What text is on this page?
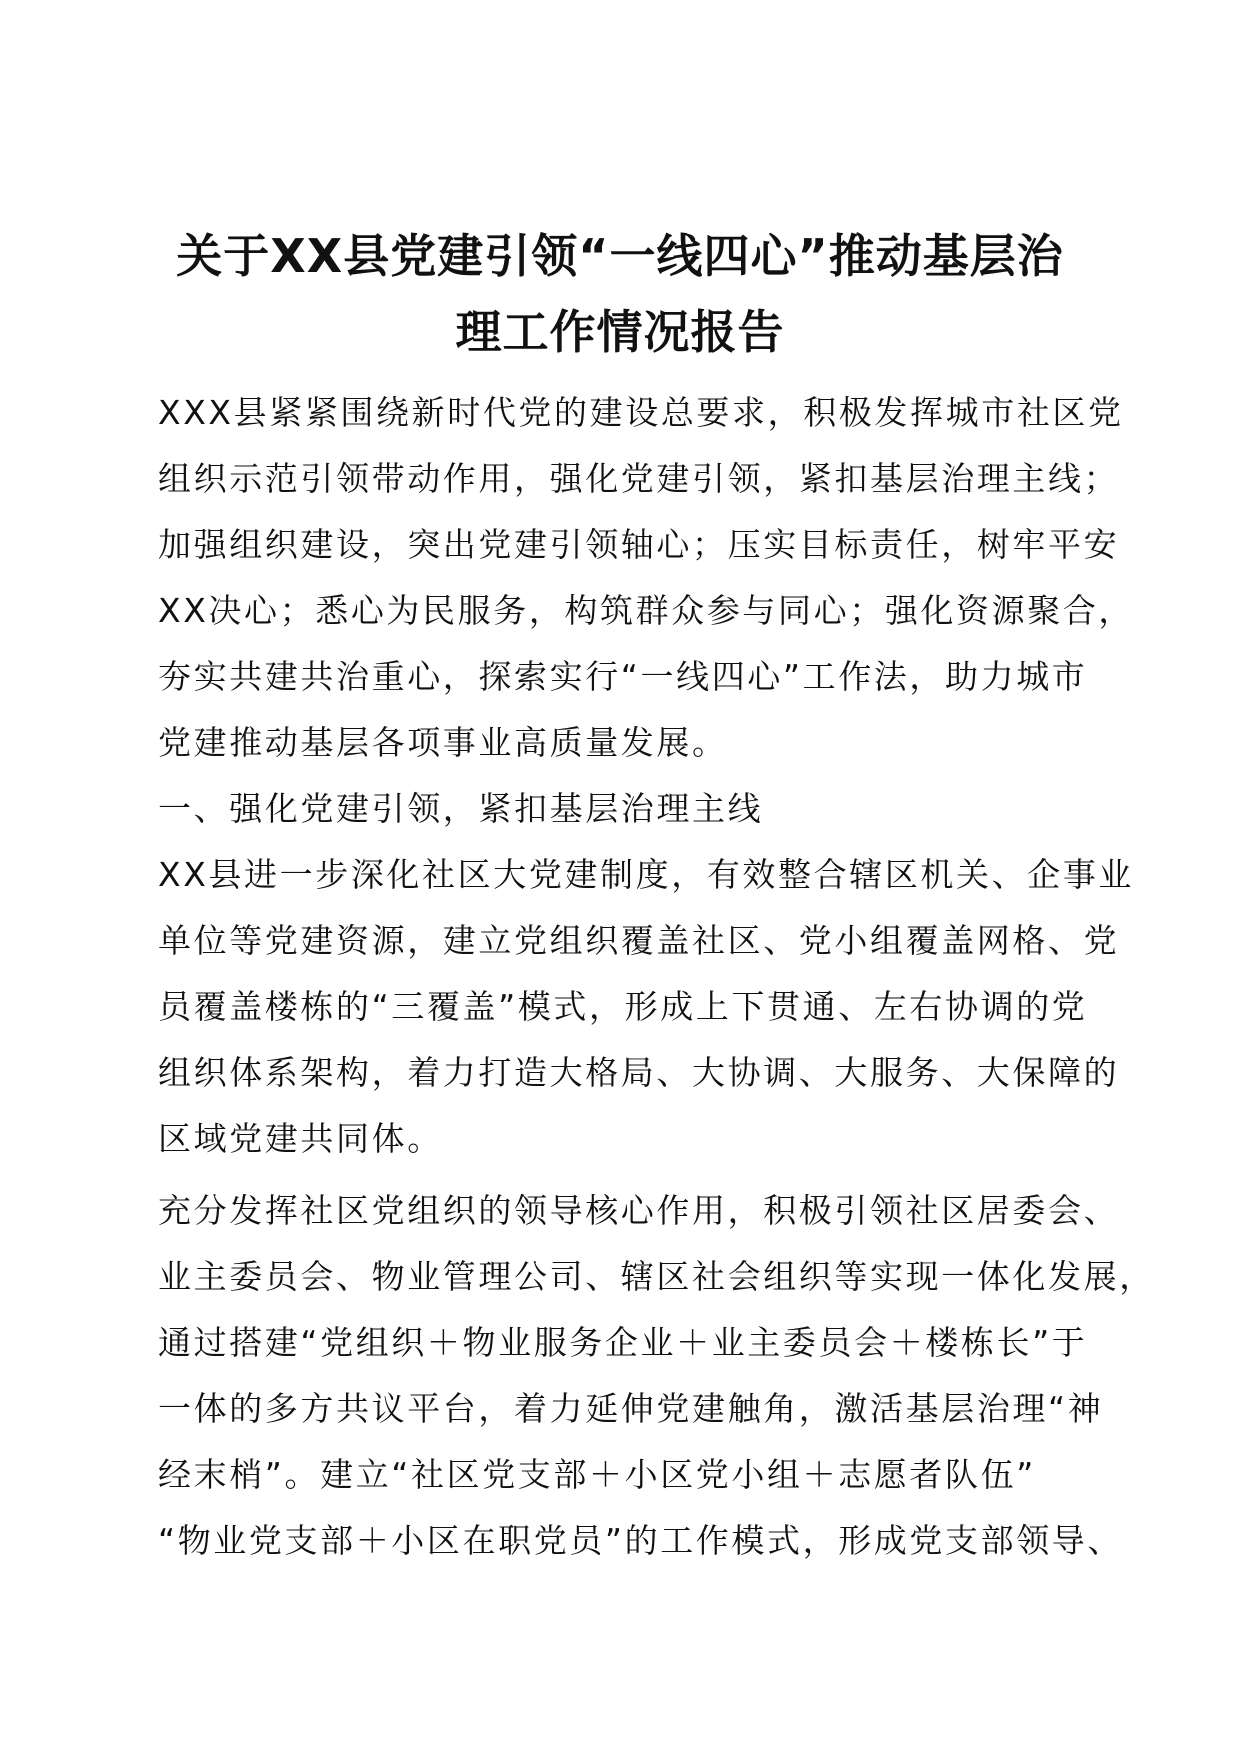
关于XX县党建引领“一线四心”推动基层治
理工作情况报告
XXX县紧紧围绕新时代党的建设总要求，积极发挥城市社区党
组织示范引领带动作用，强化党建引领，紧扣基层治理主线；
加强组织建设，突出党建引领轴心；压实目标责任，树牢平安
XX决心；悉心为民服务，构筑群众参与同心；强化资源聚合，
夯实共建共治重心，探索实行“一线四心”工作法，助力城市
党建推动基层各项事业高质量发展。
一、强化党建引领，紧扣基层治理主线
XX县进一步深化社区大党建制度，有效整合辖区机关、企事业
单位等党建资源，建立党组织覆盖社区、党小组覆盖网格、党
员覆盖楼栋的“三覆盖”模式，形成上下贯通、左右协调的党
组织体系架构，着力打造大格局、大协调、大服务、大保障的
区域党建共同体。
充分发挥社区党组织的领导核心作用，积极引领社区居委会、
业主委员会、物业管理公司、辖区社会组织等实现一体化发展，
通过搭建“党组织＋物业服务企业＋业主委员会＋楼栋长”于
一体的多方共议平台，着力延伸党建触角，激活基层治理“神
经末梢”。建立“社区党支部＋小区党小组＋志愿者队伍”
“物业党支部＋小区在职党员”的工作模式，形成党支部领导、
